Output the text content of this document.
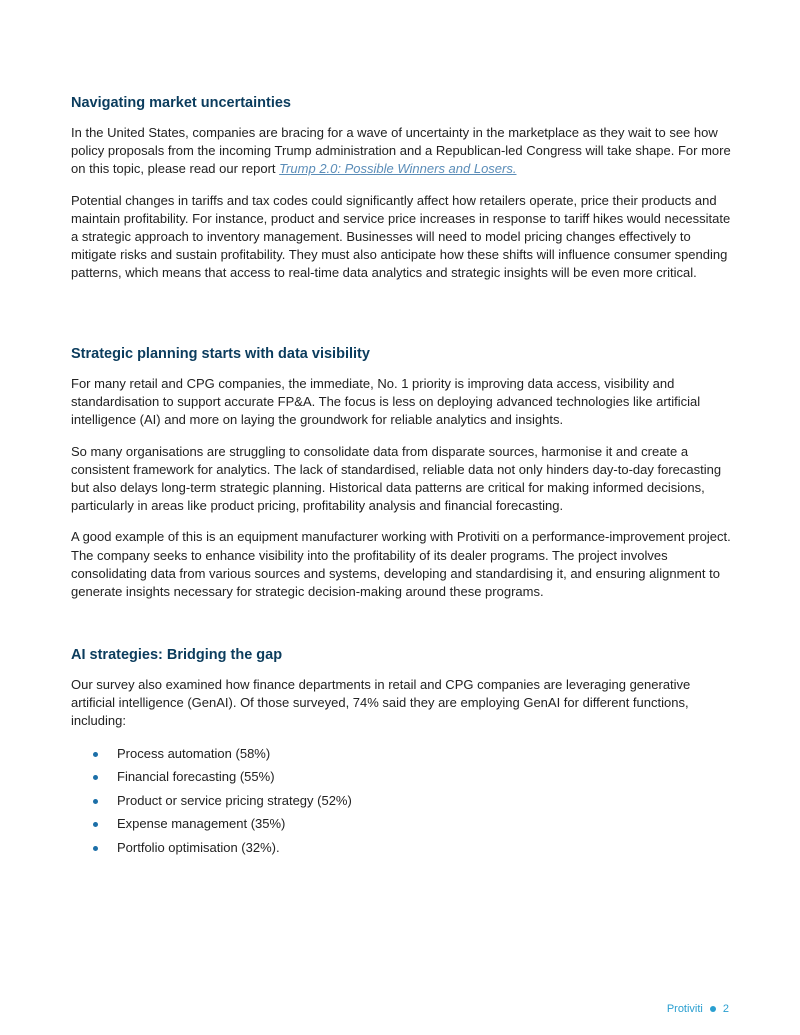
Navigating market uncertainties

In the United States, companies are bracing for a wave of uncertainty in the marketplace as they wait to see how policy proposals from the incoming Trump administration and a Republican-led Congress will take shape. For more on this topic, please read our report Trump 2.0: Possible Winners and Losers.

Potential changes in tariffs and tax codes could significantly affect how retailers operate, price their products and maintain profitability. For instance, product and service price increases in response to tariff hikes would necessitate a strategic approach to inventory management. Businesses will need to model pricing changes effectively to mitigate risks and sustain profitability. They must also anticipate how these shifts will influence consumer spending patterns, which means that access to real-time data analytics and strategic insights will be even more critical.

Strategic planning starts with data visibility

For many retail and CPG companies, the immediate, No. 1 priority is improving data access, visibility and standardisation to support accurate FP&A. The focus is less on deploying advanced technologies like artificial intelligence (AI) and more on laying the groundwork for reliable analytics and insights.

So many organisations are struggling to consolidate data from disparate sources, harmonise it and create a consistent framework for analytics. The lack of standardised, reliable data not only hinders day-to-day forecasting but also delays long-term strategic planning. Historical data patterns are critical for making informed decisions, particularly in areas like product pricing, profitability analysis and financial forecasting.

A good example of this is an equipment manufacturer working with Protiviti on a performance-improvement project. The company seeks to enhance visibility into the profitability of its dealer programs. The project involves consolidating data from various sources and systems, developing and standardising it, and ensuring alignment to generate insights necessary for strategic decision-making around these programs.

AI strategies: Bridging the gap

Our survey also examined how finance departments in retail and CPG companies are leveraging generative artificial intelligence (GenAI). Of those surveyed, 74% said they are employing GenAI for different functions, including:

Process automation (58%)
Financial forecasting (55%)
Product or service pricing strategy (52%)
Expense management (35%)
Portfolio optimisation (32%).
Protiviti 2
